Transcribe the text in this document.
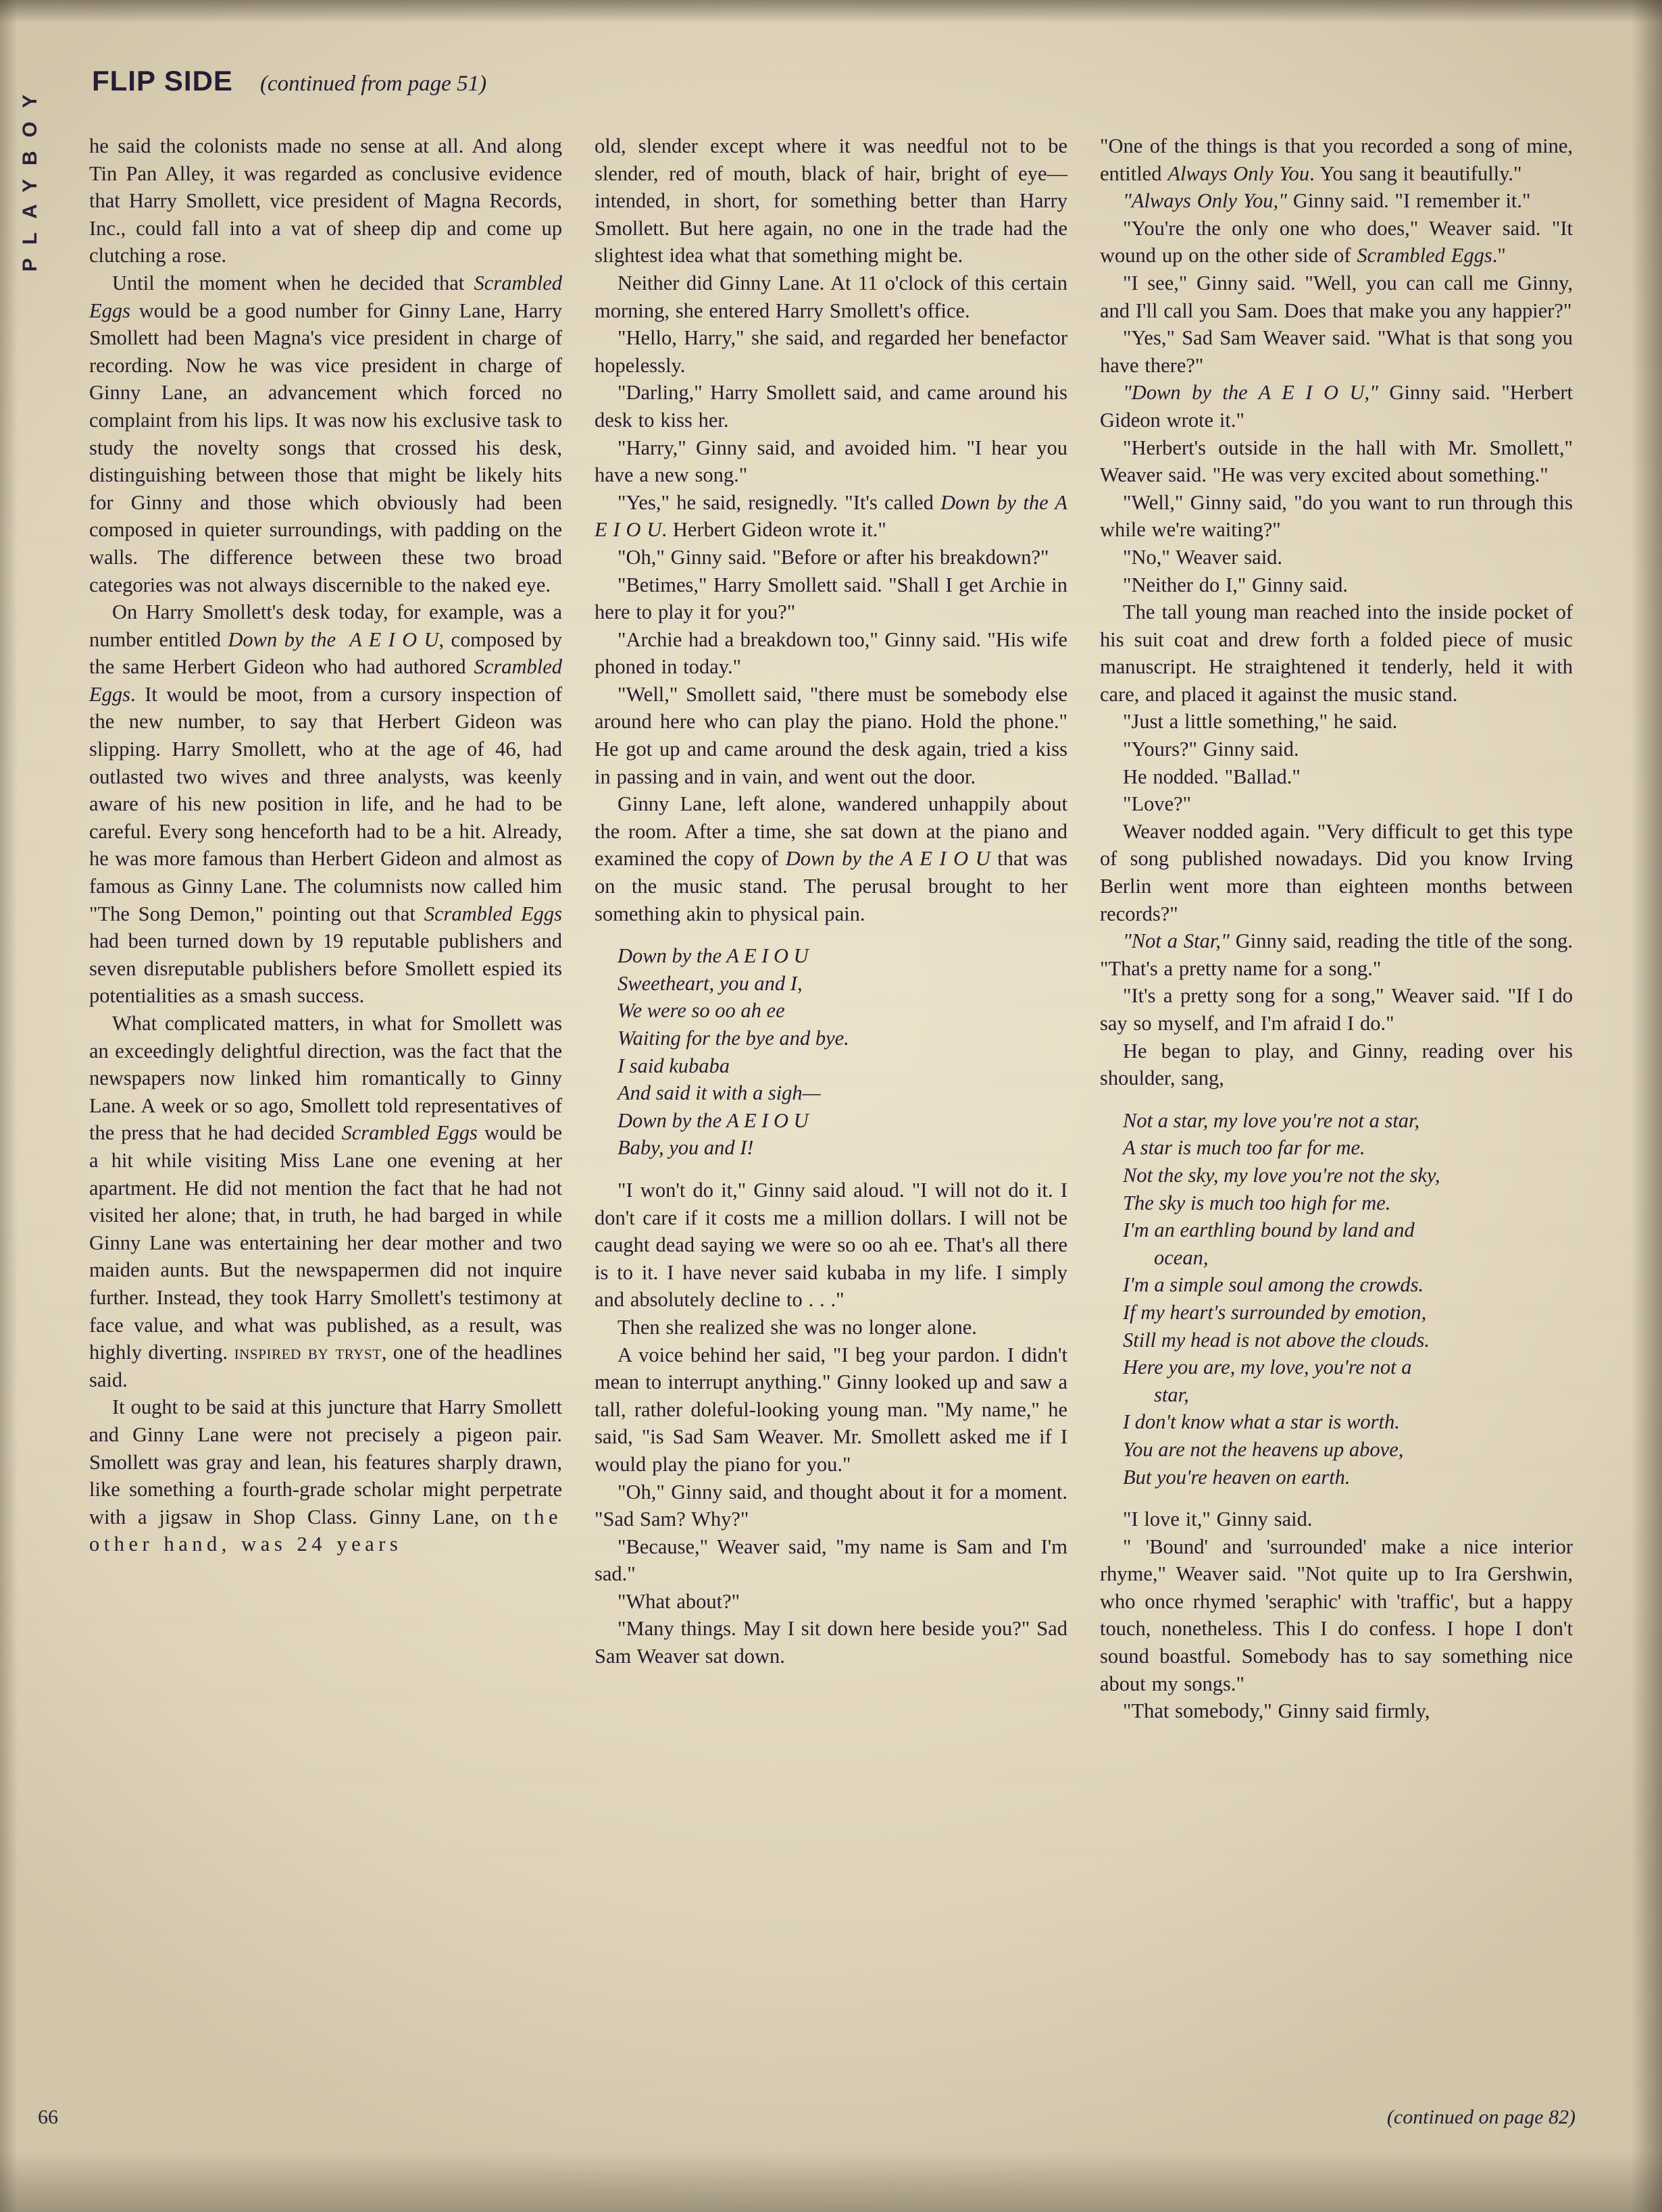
PLAYBOY
FLIP SIDE (continued from page 51)

he said the colonists made no sense at all. And along Tin Pan Alley, it was regarded as conclusive evidence that Harry Smollett, vice president of Magna Records, Inc., could fall into a vat of sheep dip and come up clutching a rose.

Until the moment when he decided that Scrambled Eggs would be a good number for Ginny Lane, Harry Smollett had been Magna's vice president in charge of recording. Now he was vice president in charge of Ginny Lane, an advancement which forced no complaint from his lips. It was now his exclusive task to study the novelty songs that crossed his desk, distinguishing between those that might be likely hits for Ginny and those which obviously had been composed in quieter surroundings, with padding on the walls. The difference between these two broad categories was not always discernible to the naked eye.

On Harry Smollett's desk today, for example, was a number entitled Down by the  A E I O U, composed by the same Herbert Gideon who had authored Scrambled Eggs. It would be moot, from a cursory inspection of the new number, to say that Herbert Gideon was slipping. Harry Smollett, who at the age of 46, had outlasted two wives and three analysts, was keenly aware of his new position in life, and he had to be careful. Every song henceforth had to be a hit. Already, he was more famous than Herbert Gideon and almost as famous as Ginny Lane. The columnists now called him "The Song Demon," pointing out that Scrambled Eggs had been turned down by 19 reputable publishers and seven disreputable publishers before Smollett espied its potentialities as a smash success.

What complicated matters, in what for Smollett was an exceedingly delightful direction, was the fact that the newspapers now linked him romantically to Ginny Lane. A week or so ago, Smollett told representatives of the press that he had decided Scrambled Eggs would be a hit while visiting Miss Lane one evening at her apartment. He did not mention the fact that he had not visited her alone; that, in truth, he had barged in while Ginny Lane was entertaining her dear mother and two maiden aunts. But the newspapermen did not inquire further. Instead, they took Harry Smollett's testimony at face value, and what was published, as a result, was highly diverting. inspired by tryst, one of the headlines said.

It ought to be said at this juncture that Harry Smollett and Ginny Lane were not precisely a pigeon pair. Smollett was gray and lean, his features sharply drawn, like something a fourth-grade scholar might perpetrate with a jigsaw in Shop Class. Ginny Lane, on the other hand, was 24 years

old, slender except where it was needful not to be slender, red of mouth, black of hair, bright of eye—intended, in short, for something better than Harry Smollett. But here again, no one in the trade had the slightest idea what that something might be.

Neither did Ginny Lane. At 11 o'clock of this certain morning, she entered Harry Smollett's office.

"Hello, Harry," she said, and regarded her benefactor hopelessly.

"Darling," Harry Smollett said, and came around his desk to kiss her.

"Harry," Ginny said, and avoided him. "I hear you have a new song."

"Yes," he said, resignedly. "It's called Down by the A E I O U. Herbert Gideon wrote it."

"Oh," Ginny said. "Before or after his breakdown?"

"Betimes," Harry Smollett said. "Shall I get Archie in here to play it for you?"

"Archie had a breakdown too," Ginny said. "His wife phoned in today."

"Well," Smollett said, "there must be somebody else around here who can play the piano. Hold the phone." He got up and came around the desk again, tried a kiss in passing and in vain, and went out the door.

Ginny Lane, left alone, wandered unhappily about the room. After a time, she sat down at the piano and examined the copy of Down by the A E I O U that was on the music stand. The perusal brought to her something akin to physical pain.

Down by the A E I O U
Sweetheart, you and I,
We were so oo ah ee
Waiting for the bye and bye.
I said kubaba
And said it with a sigh—
Down by the A E I O U
Baby, you and I!

"I won't do it," Ginny said aloud. "I will not do it. I don't care if it costs me a million dollars. I will not be caught dead saying we were so oo ah ee. That's all there is to it. I have never said kubaba in my life. I simply and absolutely decline to . . ."

Then she realized she was no longer alone.

A voice behind her said, "I beg your pardon. I didn't mean to interrupt anything." Ginny looked up and saw a tall, rather doleful-looking young man. "My name," he said, "is Sad Sam Weaver. Mr. Smollett asked me if I would play the piano for you."

"Oh," Ginny said, and thought about it for a moment. "Sad Sam? Why?"

"Because," Weaver said, "my name is Sam and I'm sad."

"What about?"

"Many things. May I sit down here beside you?" Sad Sam Weaver sat down.

"One of the things is that you recorded a song of mine, entitled Always Only You. You sang it beautifully."

"Always Only You," Ginny said. "I remember it."

"You're the only one who does," Weaver said. "It wound up on the other side of Scrambled Eggs."

"I see," Ginny said. "Well, you can call me Ginny, and I'll call you Sam. Does that make you any happier?"

"Yes," Sad Sam Weaver said. "What is that song you have there?"

"Down by the A E I O U," Ginny said. "Herbert Gideon wrote it."

"Herbert's outside in the hall with Mr. Smollett," Weaver said. "He was very excited about something."

"Well," Ginny said, "do you want to run through this while we're waiting?"

"No," Weaver said.

"Neither do I," Ginny said.

The tall young man reached into the inside pocket of his suit coat and drew forth a folded piece of music manuscript. He straightened it tenderly, held it with care, and placed it against the music stand.

"Just a little something," he said.

"Yours?" Ginny said.

He nodded. "Ballad."

"Love?"

Weaver nodded again. "Very difficult to get this type of song published nowadays. Did you know Irving Berlin went more than eighteen months between records?"

"Not a Star," Ginny said, reading the title of the song. "That's a pretty name for a song."

"It's a pretty song for a song," Weaver said. "If I do say so myself, and I'm afraid I do."

He began to play, and Ginny, reading over his shoulder, sang,

Not a star, my love you're not a star,
A star is much too far for me.
Not the sky, my love you're not the sky,
The sky is much too high for me.
I'm an earthling bound by land and
ocean,
I'm a simple soul among the crowds.
If my heart's surrounded by emotion,
Still my head is not above the clouds.
Here you are, my love, you're not a
star,
I don't know what a star is worth.
You are not the heavens up above,
But you're heaven on earth.

"I love it," Ginny said.

" 'Bound' and 'surrounded' make a nice interior rhyme," Weaver said. "Not quite up to Ira Gershwin, who once rhymed 'seraphic' with 'traffic', but a happy touch, nonetheless. This I do confess. I hope I don't sound boastful. Somebody has to say something nice about my songs."

"That somebody," Ginny said firmly,

66	(continued on page 82)
